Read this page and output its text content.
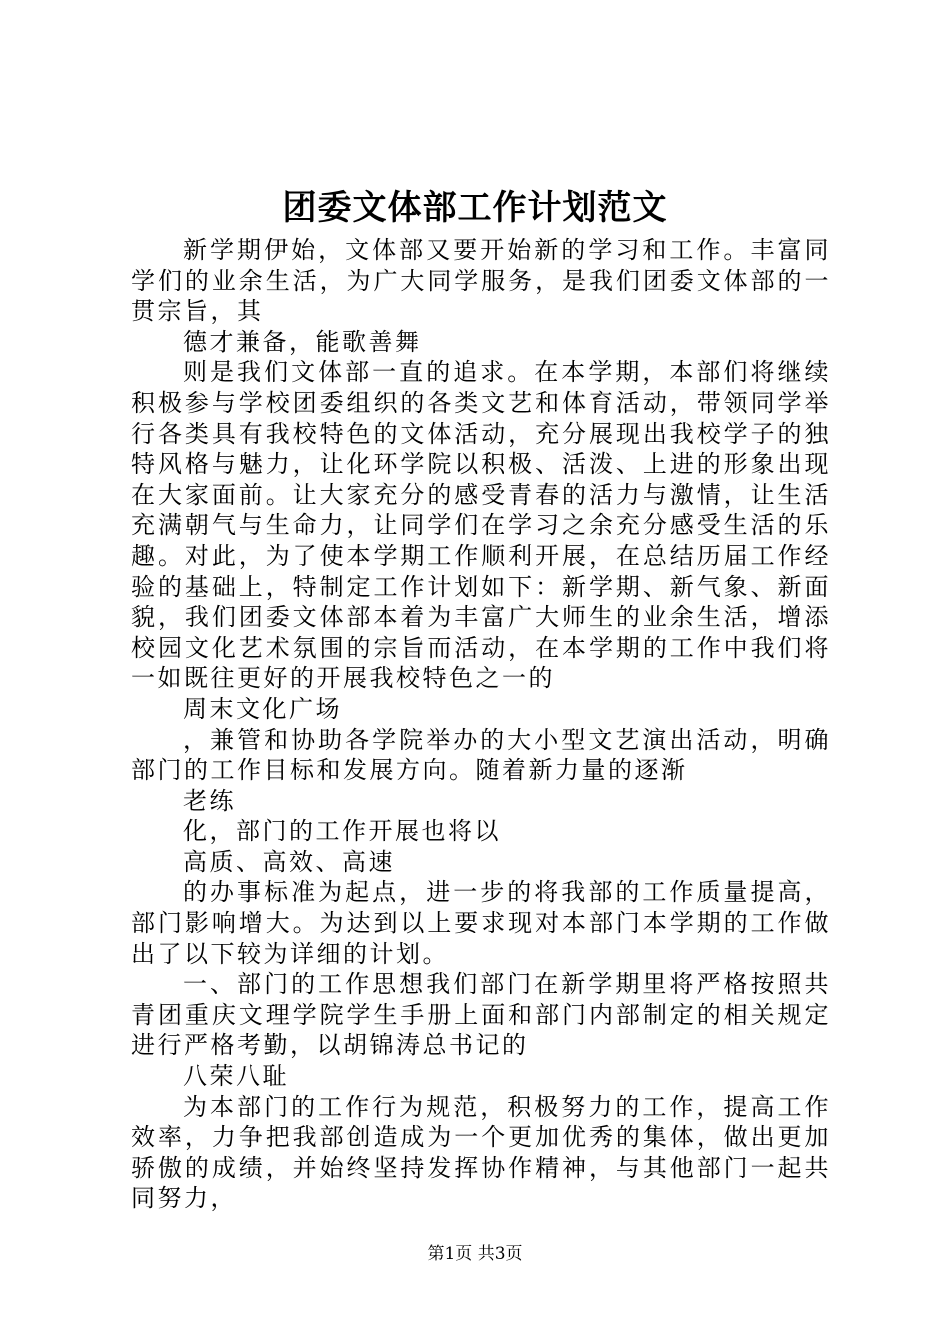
团委文体部工作计划范文

新学期伊始，文体部又要开始新的学习和工作。丰富同学们的业余生活，为广大同学服务，是我们团委文体部的一贯宗旨，其

德才兼备，能歌善舞

则是我们文体部一直的追求。在本学期，本部们将继续积极参与学校团委组织的各类文艺和体育活动，带领同学举行各类具有我校特色的文体活动，充分展现出我校学子的独特风格与魅力，让化环学院以积极、活泼、上进的形象出现在大家面前。让大家充分的感受青春的活力与激情，让生活充满朝气与生命力，让同学们在学习之余充分感受生活的乐趣。对此，为了使本学期工作顺利开展，在总结历届工作经验的基础上，特制定工作计划如下：新学期、新气象、新面貌，我们团委文体部本着为丰富广大师生的业余生活，增添校园文化艺术氛围的宗旨而活动，在本学期的工作中我们将一如既往更好的开展我校特色之一的

周末文化广场

，兼管和协助各学院举办的大小型文艺演出活动，明确部门的工作目标和发展方向。随着新力量的逐渐

老练

化，部门的工作开展也将以

高质、高效、高速

的办事标准为起点，进一步的将我部的工作质量提高，部门影响增大。为达到以上要求现对本部门本学期的工作做出了以下较为详细的计划。

一、部门的工作思想我们部门在新学期里将严格按照共青团重庆文理学院学生手册上面和部门内部制定的相关规定进行严格考勤，以胡锦涛总书记的

八荣八耻

为本部门的工作行为规范，积极努力的工作，提高工作效率，力争把我部创造成为一个更加优秀的集体，做出更加骄傲的成绩，并始终坚持发挥协作精神，与其他部门一起共同努力，

第1页 共3页
